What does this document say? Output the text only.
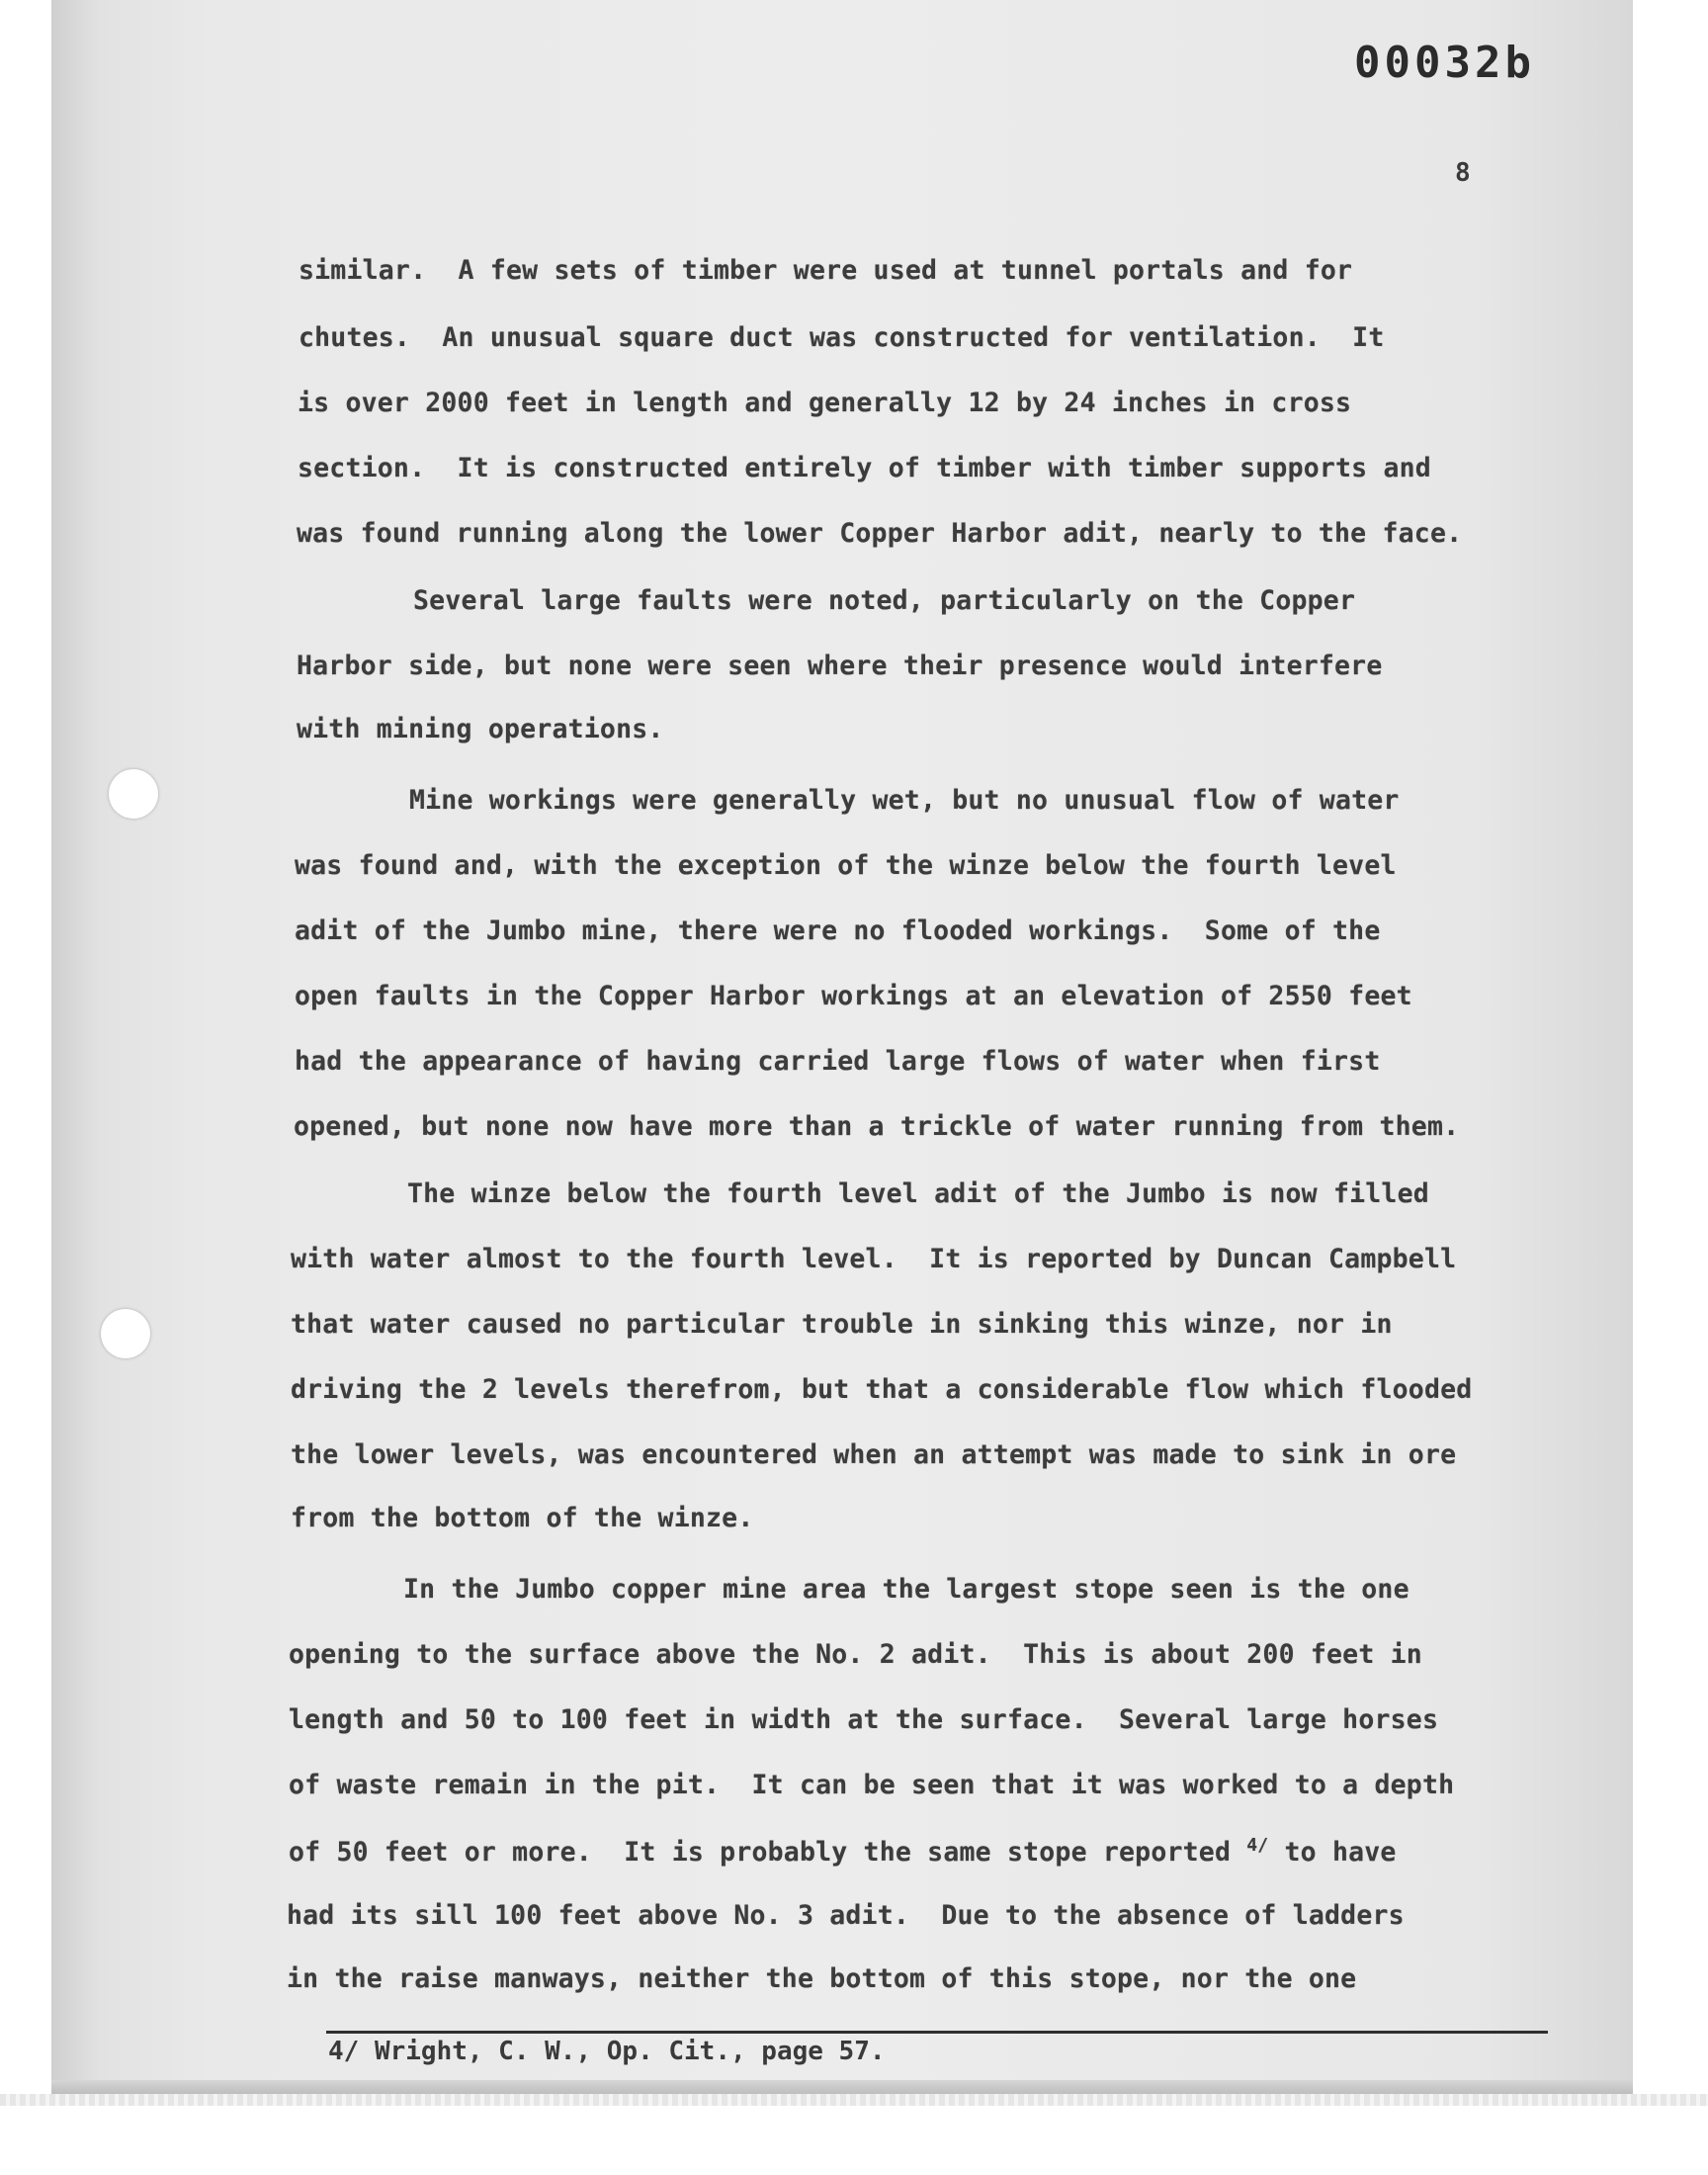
00032b
8
similar.  A few sets of timber were used at tunnel portals and for
chutes.  An unusual square duct was constructed for ventilation.  It
is over 2000 feet in length and generally 12 by 24 inches in cross
section.  It is constructed entirely of timber with timber supports and
was found running along the lower Copper Harbor adit, nearly to the face.
Several large faults were noted, particularly on the Copper
Harbor side, but none were seen where their presence would interfere
with mining operations.
Mine workings were generally wet, but no unusual flow of water
was found and, with the exception of the winze below the fourth level
adit of the Jumbo mine, there were no flooded workings.  Some of the
open faults in the Copper Harbor workings at an elevation of 2550 feet
had the appearance of having carried large flows of water when first
opened, but none now have more than a trickle of water running from them.
The winze below the fourth level adit of the Jumbo is now filled
with water almost to the fourth level.  It is reported by Duncan Campbell
that water caused no particular trouble in sinking this winze, nor in
driving the 2 levels therefrom, but that a considerable flow which flooded
the lower levels, was encountered when an attempt was made to sink in ore
from the bottom of the winze.
In the Jumbo copper mine area the largest stope seen is the one
opening to the surface above the No. 2 adit.  This is about 200 feet in
length and 50 to 100 feet in width at the surface.  Several large horses
of waste remain in the pit.  It can be seen that it was worked to a depth
of 50 feet or more.  It is probably the same stope reported $^{4/}$ to have
had its sill 100 feet above No. 3 adit.  Due to the absence of ladders
in the raise manways, neither the bottom of this stope, nor the one
4/ Wright, C. W., Op. Cit., page 57.
